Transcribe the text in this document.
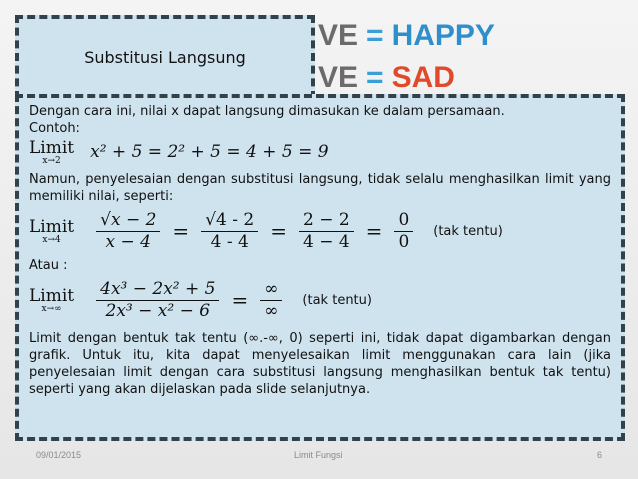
VE = HAPPY
VE = SAD
Substitusi Langsung

Dengan cara ini, nilai x dapat langsung dimasukan ke dalam persamaan.

Contoh:

Limit
x→2	x² + 5 = 2² + 5 = 4 + 5 = 9

Namun, penyelesaian dengan substitusi langsung, tidak selalu menghasilkan limit yang memiliki nilai, seperti:

Limit
x→4	$\frac{√x - 2}{x - 4} = \frac{√4 - 2}{4 - 4} = \frac{2 - 2}{4 - 4} = \frac{0}{0} (tak$ tentu)

Atau :

Limit
x→∞	$\frac{\text{4x³ − 2x² + 5}}{\text{2x³ − x² − 6}} = \frac{\infty}{\infty} (tak$ tentu)

Limit dengan bentuk tak tentu (∞.-∞, 0) seperti ini, tidak dapat digambarkan dengan grafik. Untuk itu, kita dapat menyelesaikan limit menggunakan cara lain (jika penyelesaian limit dengan cara substitusi langsung menghasilkan bentuk tak tentu) seperti yang akan dijelaskan pada slide selanjutnya.

09/01/2015	Limit Fungsi	6
